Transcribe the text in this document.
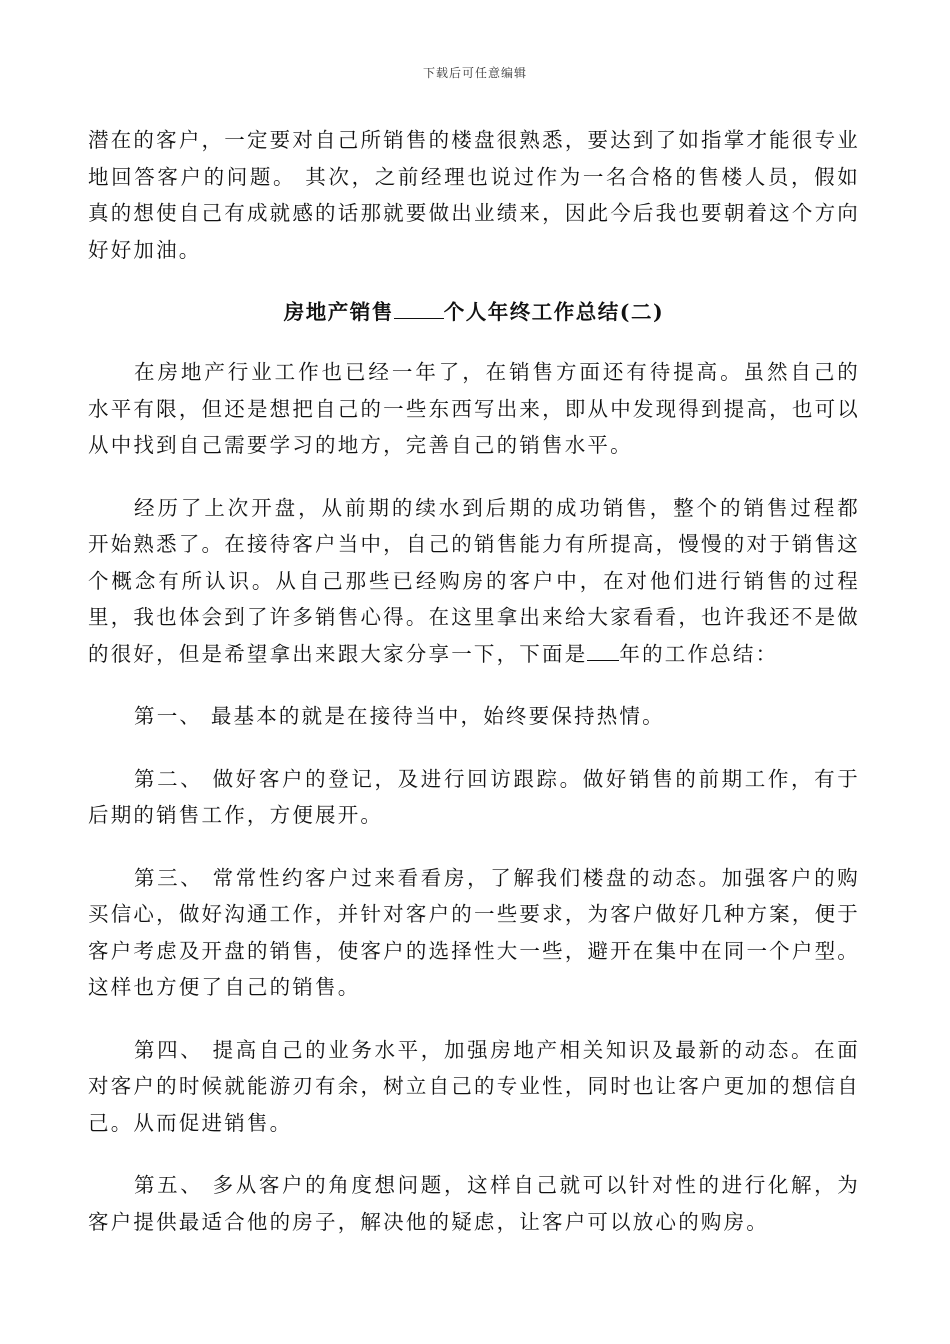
下载后可任意编辑

潜在的客户，一定要对自己所销售的楼盘很熟悉，要达到了如指掌才能很专业地回答客户的问题。 其次，之前经理也说过作为一名合格的售楼人员，假如真的想使自己有成就感的话那就要做出业绩来，因此今后我也要朝着这个方向好好加油。

房地产销售 个人年终工作总结(二)

在房地产行业工作也已经一年了，在销售方面还有待提高。虽然自己的水平有限，但还是想把自己的一些东西写出来，即从中发现得到提高，也可以从中找到自己需要学习的地方，完善自己的销售水平。

经历了上次开盘，从前期的续水到后期的成功销售，整个的销售过程都开始熟悉了。在接待客户当中，自己的销售能力有所提高，慢慢的对于销售这个概念有所认识。从自己那些已经购房的客户中，在对他们进行销售的过程里，我也体会到了许多销售心得。在这里拿出来给大家看看，也许我还不是做的很好，但是希望拿出来跟大家分享一下，下面是 年的工作总结：

第一、 最基本的就是在接待当中，始终要保持热情。

第二、 做好客户的登记，及进行回访跟踪。做好销售的前期工作，有于后期的销售工作，方便展开。

第三、 常常性约客户过来看看房，了解我们楼盘的动态。加强客户的购买信心，做好沟通工作，并针对客户的一些要求，为客户做好几种方案，便于客户考虑及开盘的销售，使客户的选择性大一些，避开在集中在同一个户型。这样也方便了自己的销售。

第四、 提高自己的业务水平，加强房地产相关知识及最新的动态。在面对客户的时候就能游刃有余，树立自己的专业性，同时也让客户更加的想信自己。从而促进销售。

第五、 多从客户的角度想问题，这样自己就可以针对性的进行化解，为客户提供最适合他的房子，解决他的疑虑，让客户可以放心的购房。
